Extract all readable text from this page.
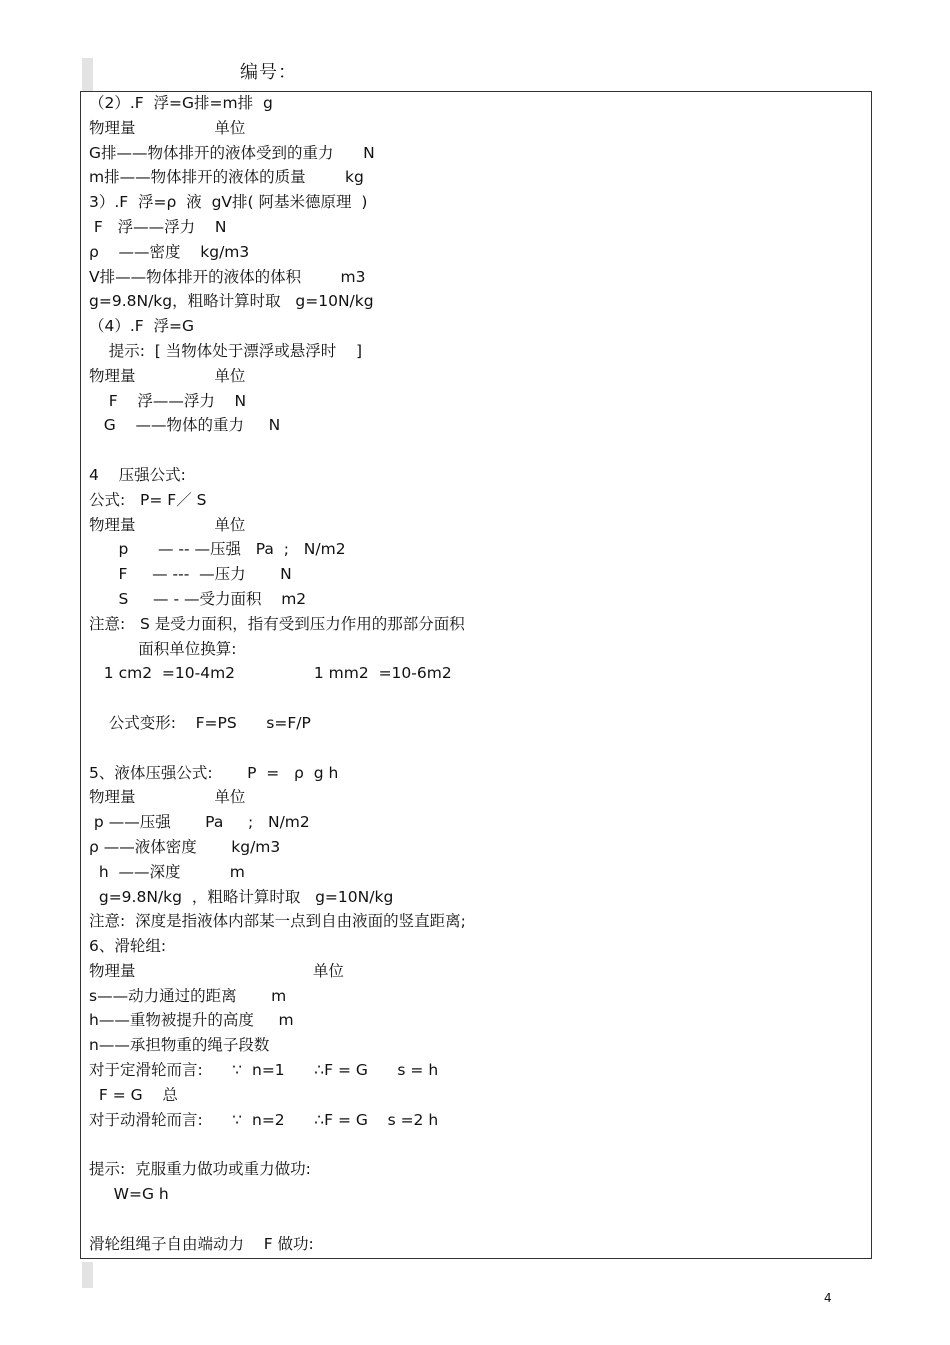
编号：
（2）.F  浮=G排=m排  g
物理量                单位
G排——物体排开的液体受到的重力      N
m排——物体排开的液体的质量        kg
3）.F  浮=ρ  液  gV排( 阿基米德原理  )
F   浮——浮力    N
ρ    ——密度    kg/m3
V排——物体排开的液体的体积        m3
g=9.8N/kg，粗略计算时取   g=10N/kg
（4）.F  浮=G
提示:  [ 当物体处于漂浮或悬浮时    ]
物理量                单位
F    浮——浮力    N
G    ——物体的重力     N
4    压强公式:
公式:   P= F／ S
物理量                单位
p      — -- —压强   Pa  ;   N/m2
F     — ---  —压力       N
S     — - —受力面积    m2
注意:   S 是受力面积，指有受到压力作用的那部分面积
面积单位换算:
1 cm2  =10-4m2                1 mm2  =10-6m2
公式变形:    F=PS      s=F/P
5、液体压强公式:       P  =   ρ  g h
物理量                单位
p ——压强       Pa     ;   N/m2
ρ ——液体密度       kg/m3
h  ——深度          m
g=9.8N/kg  ，粗略计算时取   g=10N/kg
注意:  深度是指液体内部某一点到自由液面的竖直距离;
6、滑轮组:
物理量                                    单位
s——动力通过的距离       m
h——重物被提升的高度     m
n——承担物重的绳子段数
对于定滑轮而言:      ∵  n=1      ∴F = G      s = h
F = G    总
对于动滑轮而言:      ∵  n=2      ∴F = G    s =2 h
提示:  克服重力做功或重力做功:
W=G h
滑轮组绳子自由端动力    F 做功:
4
